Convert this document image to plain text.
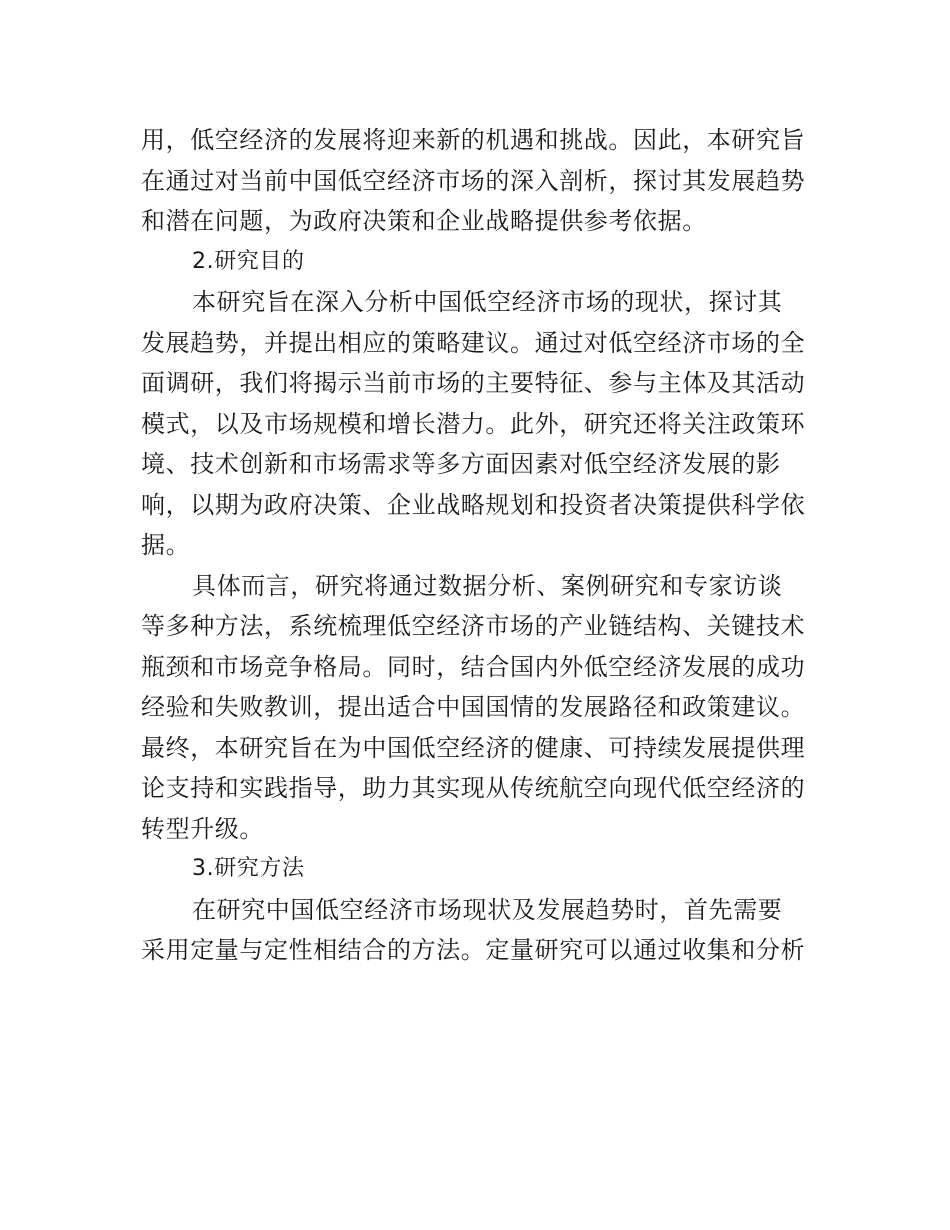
用，低空经济的发展将迎来新的机遇和挑战。因此，本研究旨
在通过对当前中国低空经济市场的深入剖析，探讨其发展趋势
和潜在问题，为政府决策和企业战略提供参考依据。
2.研究目的
本研究旨在深入分析中国低空经济市场的现状，探讨其
发展趋势，并提出相应的策略建议。通过对低空经济市场的全
面调研，我们将揭示当前市场的主要特征、参与主体及其活动
模式，以及市场规模和增长潜力。此外，研究还将关注政策环
境、技术创新和市场需求等多方面因素对低空经济发展的影
响，以期为政府决策、企业战略规划和投资者决策提供科学依
据。
具体而言，研究将通过数据分析、案例研究和专家访谈
等多种方法，系统梳理低空经济市场的产业链结构、关键技术
瓶颈和市场竞争格局。同时，结合国内外低空经济发展的成功
经验和失败教训，提出适合中国国情的发展路径和政策建议。
最终，本研究旨在为中国低空经济的健康、可持续发展提供理
论支持和实践指导，助力其实现从传统航空向现代低空经济的
转型升级。
3.研究方法
在研究中国低空经济市场现状及发展趋势时，首先需要
采用定量与定性相结合的方法。定量研究可以通过收集和分析
